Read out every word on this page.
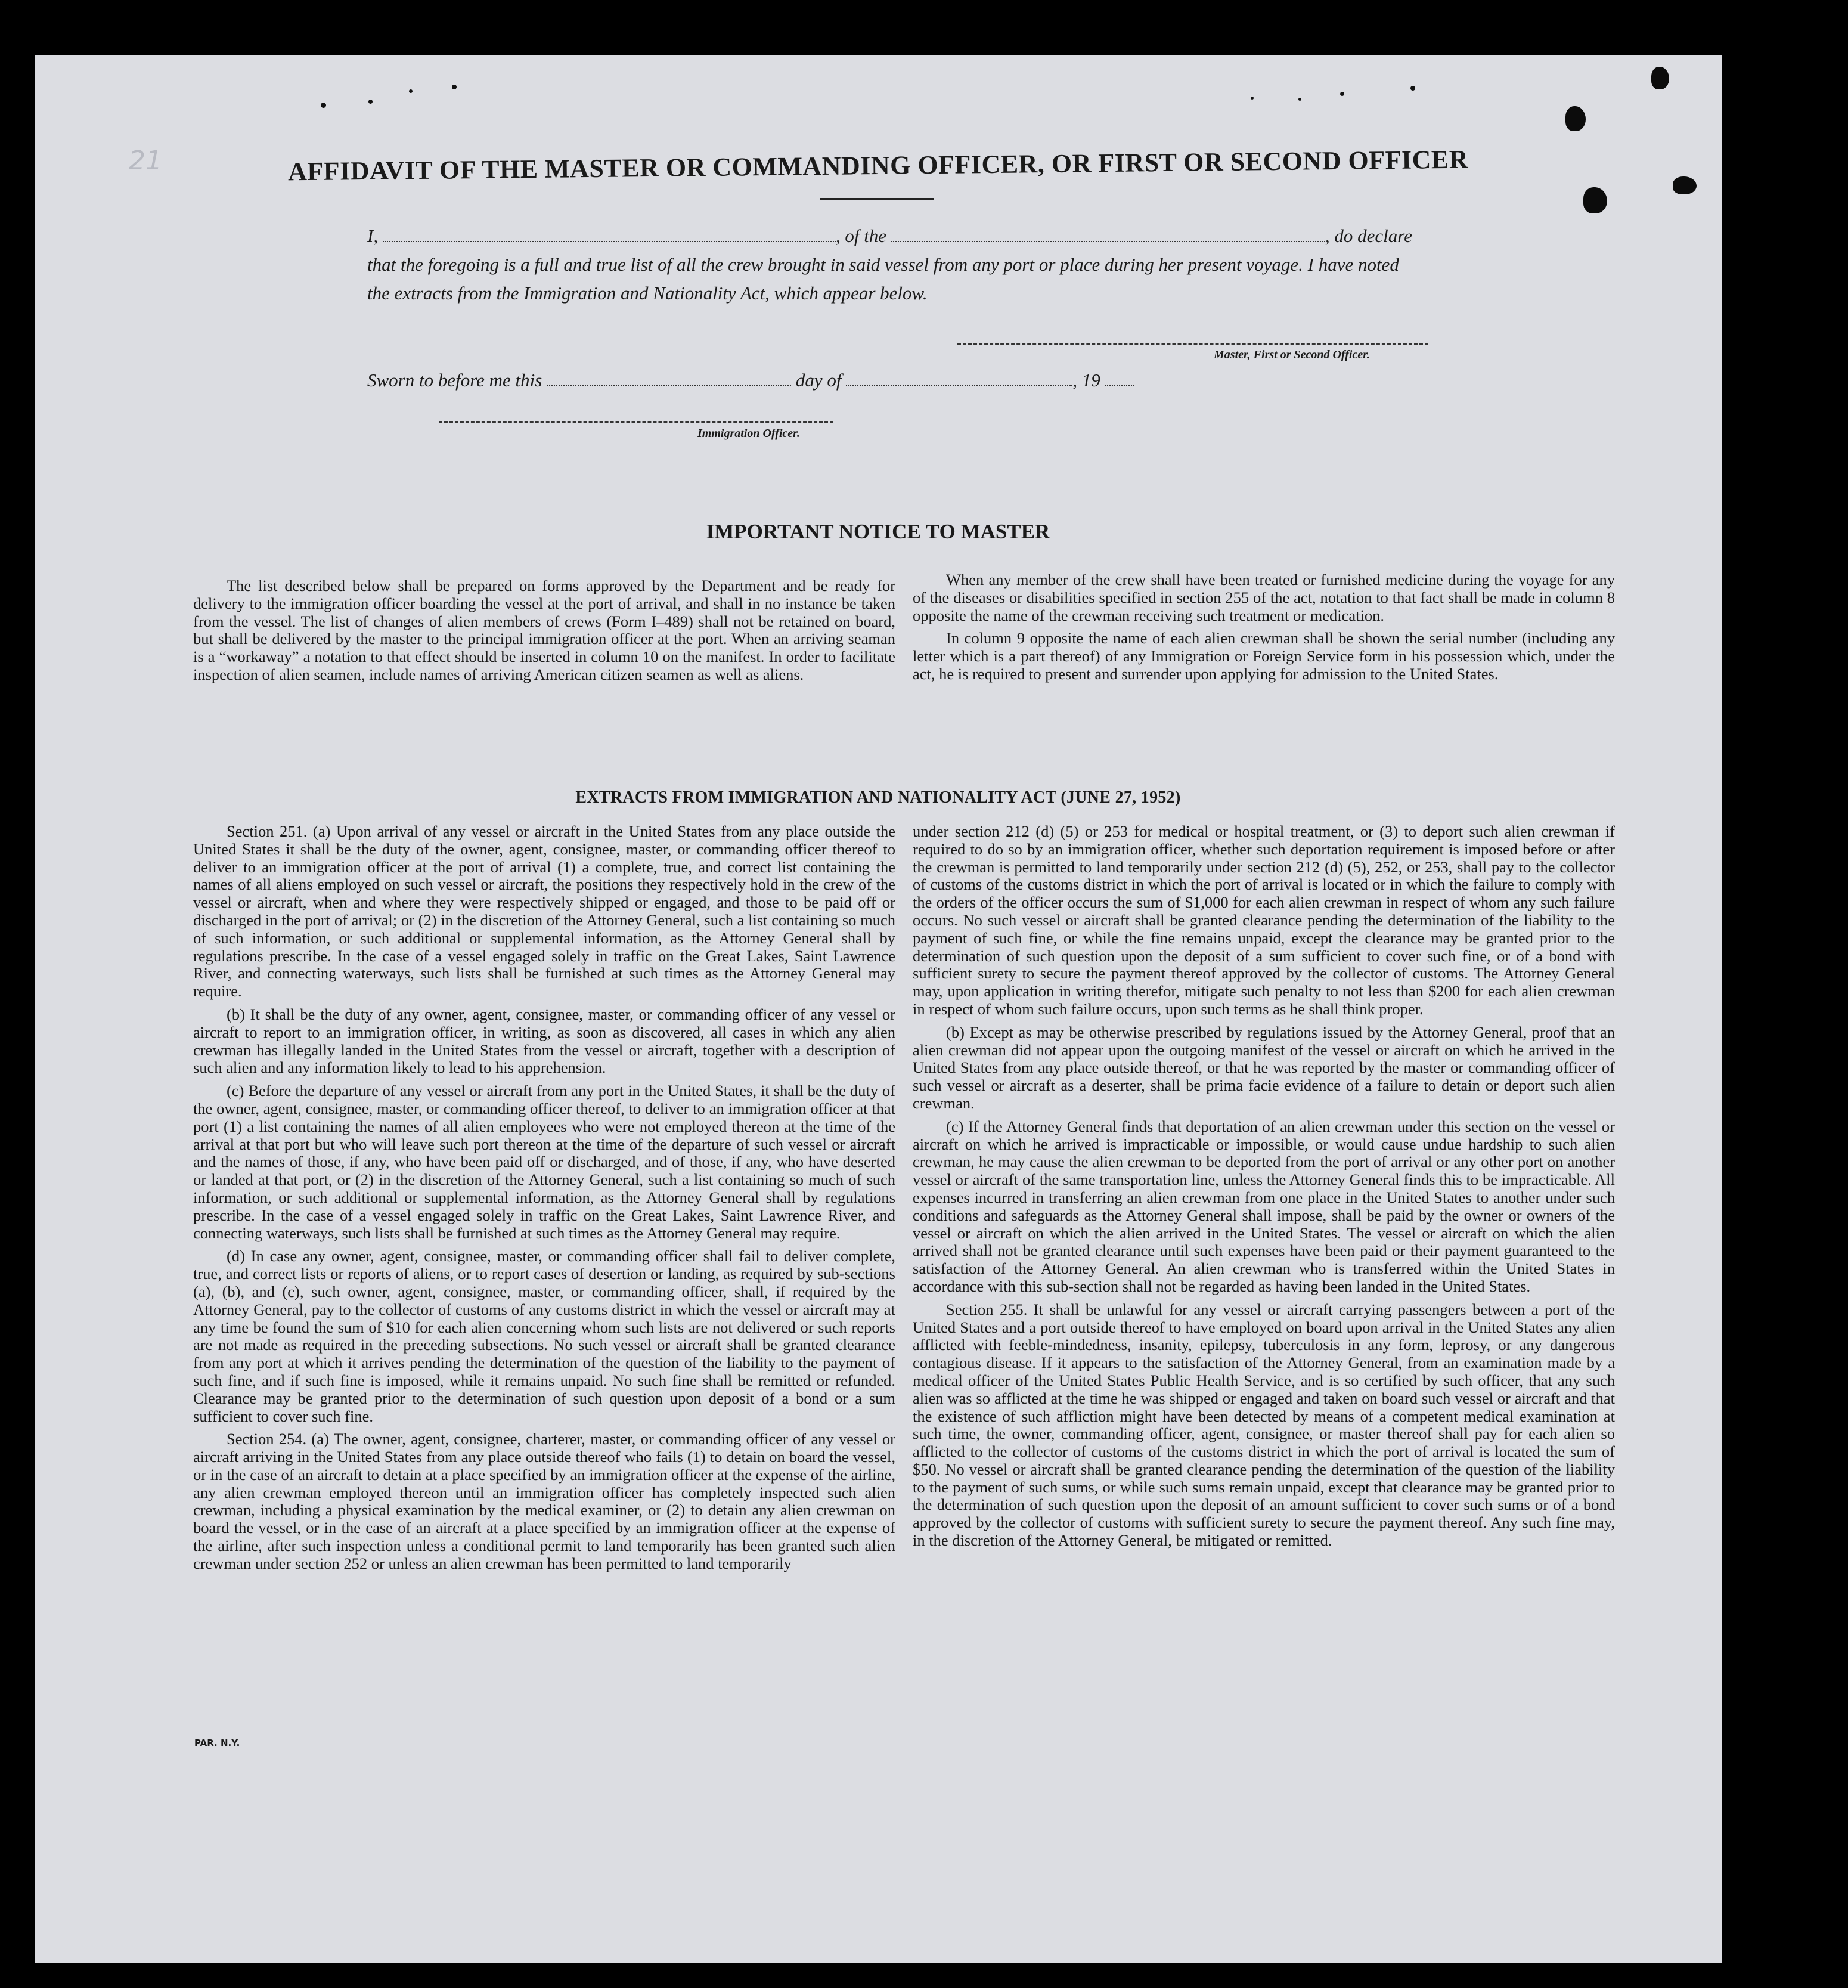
21	AFFIDAVIT OF THE MASTER OR COMMANDING OFFICER, OR FIRST OR SECOND OFFICER
I,	, of the	, do declare
that the foregoing is a full and true list of all the crew brought in said vessel from any port or place during her present voyage. I have noted
the extracts from the Immigration and Nationality Act, which appear below.
Master, First or Second Officer.
Sworn to before me this	day of	, 19
Immigration Officer.
IMPORTANT NOTICE TO MASTER

The list described below shall be prepared on forms approved by the Department and be ready for delivery to the immigration officer boarding the vessel at the port of arrival, and shall in no instance be taken from the vessel. The list of changes of alien members of crews (Form I–489) shall not be retained on board, but shall be delivered by the master to the principal immigration officer at the port. When an arriving seaman is a “workaway” a notation to that effect should be inserted in column 10 on the manifest. In order to facilitate inspection of alien seamen, include names of arriving American citizen seamen as well as aliens.

When any member of the crew shall have been treated or furnished medicine during the voyage for any of the diseases or disabilities specified in section 255 of the act, notation to that fact shall be made in column 8 opposite the name of the crewman receiving such treatment or medication.

In column 9 opposite the name of each alien crewman shall be shown the serial number (including any letter which is a part thereof) of any Immigration or Foreign Service form in his possession which, under the act, he is required to present and surrender upon applying for admission to the United States.

EXTRACTS FROM IMMIGRATION AND NATIONALITY ACT (JUNE 27, 1952)

Section 251. (a) Upon arrival of any vessel or aircraft in the United States from any place outside the United States it shall be the duty of the owner, agent, consignee, master, or commanding officer thereof to deliver to an immigration officer at the port of arrival (1) a complete, true, and correct list containing the names of all aliens employed on such vessel or aircraft, the positions they respectively hold in the crew of the vessel or aircraft, when and where they were respectively shipped or engaged, and those to be paid off or discharged in the port of arrival; or (2) in the discretion of the Attorney General, such a list containing so much of such information, or such additional or supplemental information, as the Attorney General shall by regulations prescribe. In the case of a vessel engaged solely in traffic on the Great Lakes, Saint Lawrence River, and connecting waterways, such lists shall be furnished at such times as the Attorney General may require.

(b) It shall be the duty of any owner, agent, consignee, master, or commanding officer of any vessel or aircraft to report to an immigration officer, in writing, as soon as discovered, all cases in which any alien crewman has illegally landed in the United States from the vessel or aircraft, together with a description of such alien and any information likely to lead to his apprehension.

(c) Before the departure of any vessel or aircraft from any port in the United States, it shall be the duty of the owner, agent, consignee, master, or commanding officer thereof, to deliver to an immigration officer at that port (1) a list containing the names of all alien employees who were not employed thereon at the time of the arrival at that port but who will leave such port thereon at the time of the departure of such vessel or aircraft and the names of those, if any, who have been paid off or discharged, and of those, if any, who have deserted or landed at that port, or (2) in the discretion of the Attorney General, such a list containing so much of such information, or such additional or supplemental information, as the Attorney General shall by regulations prescribe. In the case of a vessel engaged solely in traffic on the Great Lakes, Saint Lawrence River, and connecting waterways, such lists shall be furnished at such times as the Attorney General may require.

(d) In case any owner, agent, consignee, master, or commanding officer shall fail to deliver complete, true, and correct lists or reports of aliens, or to report cases of desertion or landing, as required by sub-sections (a), (b), and (c), such owner, agent, consignee, master, or commanding officer, shall, if required by the Attorney General, pay to the collector of customs of any customs district in which the vessel or aircraft may at any time be found the sum of $10 for each alien concerning whom such lists are not delivered or such reports are not made as required in the preceding subsections. No such vessel or aircraft shall be granted clearance from any port at which it arrives pending the determination of the question of the liability to the payment of such fine, and if such fine is imposed, while it remains unpaid. No such fine shall be remitted or refunded. Clearance may be granted prior to the determination of such question upon deposit of a bond or a sum sufficient to cover such fine.

Section 254. (a) The owner, agent, consignee, charterer, master, or commanding officer of any vessel or aircraft arriving in the United States from any place outside thereof who fails (1) to detain on board the vessel, or in the case of an aircraft to detain at a place specified by an immigration officer at the expense of the airline, any alien crewman employed thereon until an immigration officer has completely inspected such alien crewman, including a physical examination by the medical examiner, or (2) to detain any alien crewman on board the vessel, or in the case of an aircraft at a place specified by an immigration officer at the expense of the airline, after such inspection unless a conditional permit to land temporarily has been granted such alien crewman under section 252 or unless an alien crewman has been permitted to land temporarily

under section 212 (d) (5) or 253 for medical or hospital treatment, or (3) to deport such alien crewman if required to do so by an immigration officer, whether such deportation requirement is imposed before or after the crewman is permitted to land temporarily under section 212 (d) (5), 252, or 253, shall pay to the collector of customs of the customs district in which the port of arrival is located or in which the failure to comply with the orders of the officer occurs the sum of $1,000 for each alien crewman in respect of whom any such failure occurs. No such vessel or aircraft shall be granted clearance pending the determination of the liability to the payment of such fine, or while the fine remains unpaid, except the clearance may be granted prior to the determination of such question upon the deposit of a sum sufficient to cover such fine, or of a bond with sufficient surety to secure the payment thereof approved by the collector of customs. The Attorney General may, upon application in writing therefor, mitigate such penalty to not less than $200 for each alien crewman in respect of whom such failure occurs, upon such terms as he shall think proper.

(b) Except as may be otherwise prescribed by regulations issued by the Attorney General, proof that an alien crewman did not appear upon the outgoing manifest of the vessel or aircraft on which he arrived in the United States from any place outside thereof, or that he was reported by the master or commanding officer of such vessel or aircraft as a deserter, shall be prima facie evidence of a failure to detain or deport such alien crewman.

(c) If the Attorney General finds that deportation of an alien crewman under this section on the vessel or aircraft on which he arrived is impracticable or impossible, or would cause undue hardship to such alien crewman, he may cause the alien crewman to be deported from the port of arrival or any other port on another vessel or aircraft of the same transportation line, unless the Attorney General finds this to be impracticable. All expenses incurred in transferring an alien crewman from one place in the United States to another under such conditions and safeguards as the Attorney General shall impose, shall be paid by the owner or owners of the vessel or aircraft on which the alien arrived in the United States. The vessel or aircraft on which the alien arrived shall not be granted clearance until such expenses have been paid or their payment guaranteed to the satisfaction of the Attorney General. An alien crewman who is transferred within the United States in accordance with this sub-section shall not be regarded as having been landed in the United States.

Section 255. It shall be unlawful for any vessel or aircraft carrying passengers between a port of the United States and a port outside thereof to have employed on board upon arrival in the United States any alien afflicted with feeble-mindedness, insanity, epilepsy, tuberculosis in any form, leprosy, or any dangerous contagious disease. If it appears to the satisfaction of the Attorney General, from an examination made by a medical officer of the United States Public Health Service, and is so certified by such officer, that any such alien was so afflicted at the time he was shipped or engaged and taken on board such vessel or aircraft and that the existence of such affliction might have been detected by means of a competent medical examination at such time, the owner, commanding officer, agent, consignee, or master thereof shall pay for each alien so afflicted to the collector of customs of the customs district in which the port of arrival is located the sum of $50. No vessel or aircraft shall be granted clearance pending the determination of the question of the liability to the payment of such sums, or while such sums remain unpaid, except that clearance may be granted prior to the determination of such question upon the deposit of an amount sufficient to cover such sums or of a bond approved by the collector of customs with sufficient surety to secure the payment thereof. Any such fine may, in the discretion of the Attorney General, be mitigated or remitted.

PAR. N.Y.
